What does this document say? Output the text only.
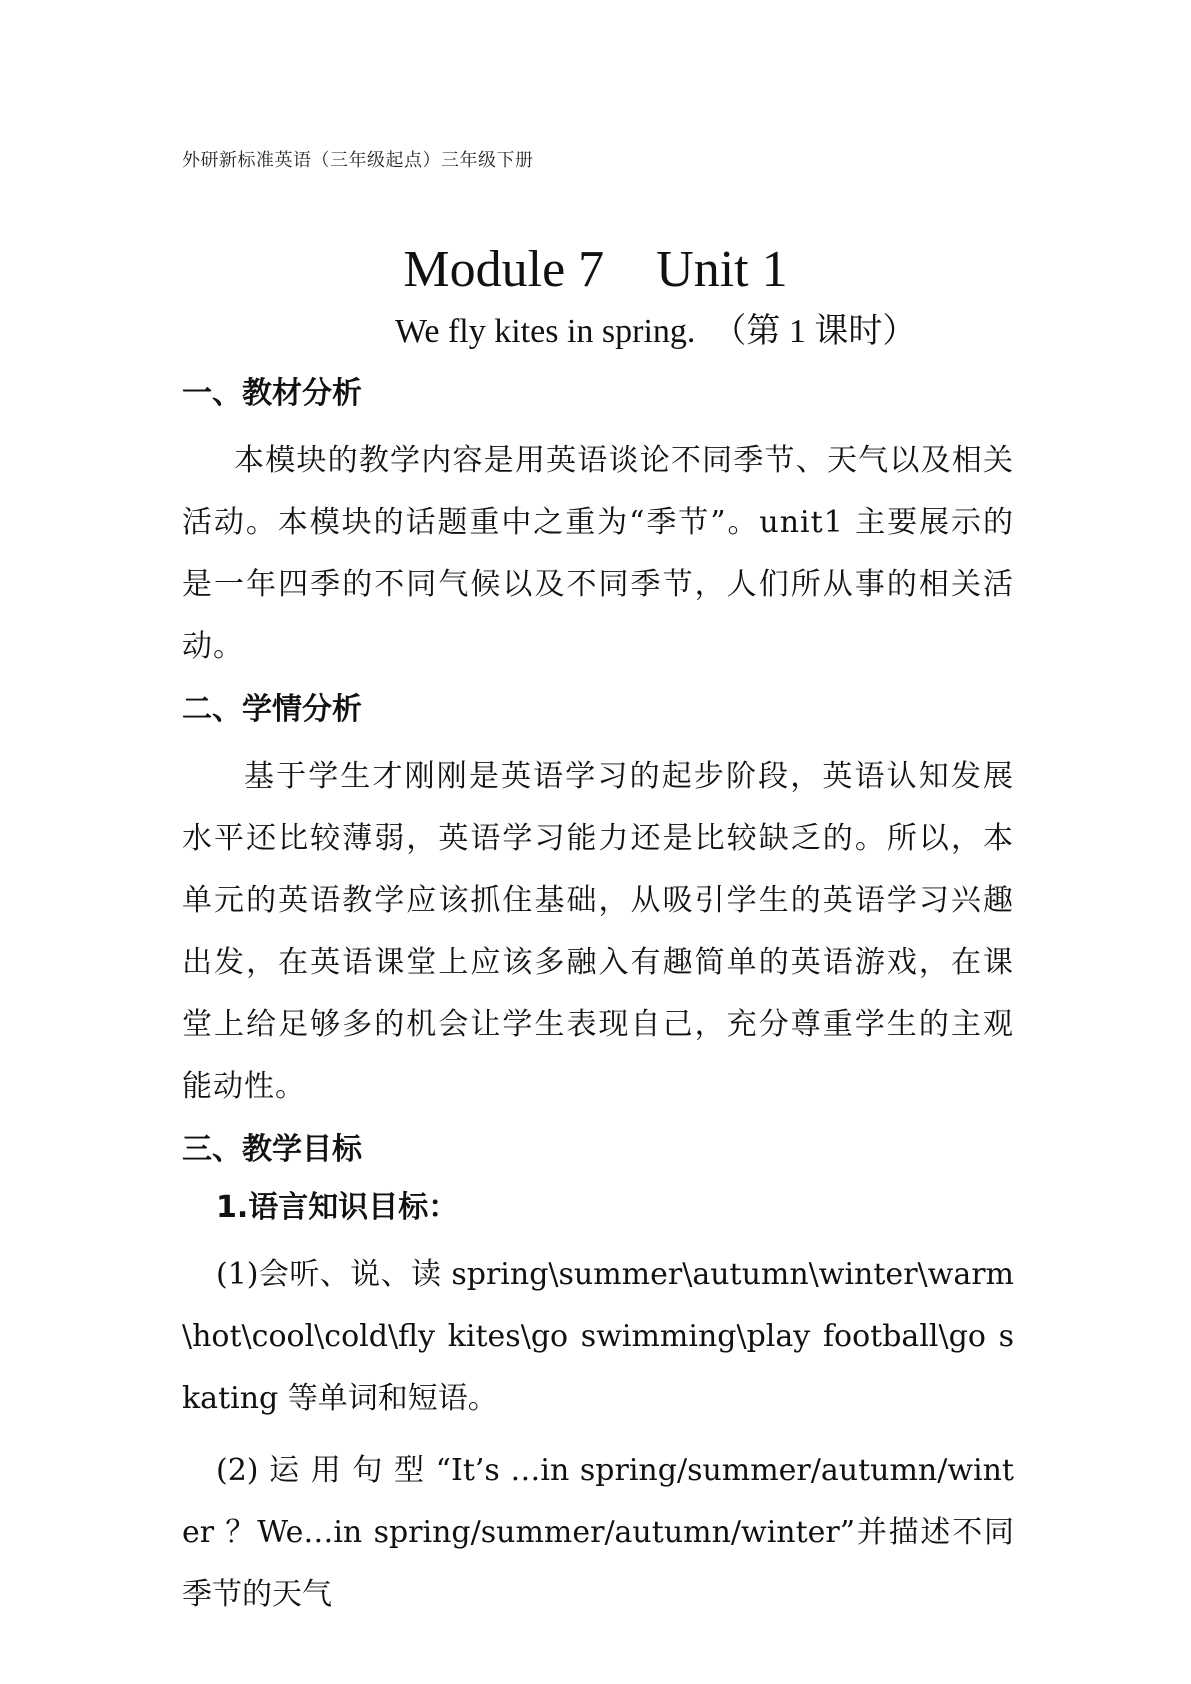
外研新标准英语（三年级起点）三年级下册
Module 7 Unit 1
We fly kites in spring.  （第 1 课时）
一、教材分析

本模块的教学内容是用英语谈论不同季节、天气以及相关活动。本模块的话题重中之重为“季节”。unit1 主要展示的是一年四季的不同气候以及不同季节，人们所从事的相关活动。

二、学情分析

基于学生才刚刚是英语学习的起步阶段，英语认知发展水平还比较薄弱，英语学习能力还是比较缺乏的。所以，本单元的英语教学应该抓住基础，从吸引学生的英语学习兴趣出发，在英语课堂上应该多融入有趣简单的英语游戏，在课堂上给足够多的机会让学生表现自己，充分尊重学生的主观能动性。

三、教学目标
1.语言知识目标：

(1)会听、说、读 spring\summer\autumn\winter\warm\hot\cool\cold\fly kites\go swimming\play football\go skating 等单词和短语。

(2) 运 用 句 型 “It’s …in spring/summer/autumn/winter ？We…in spring/summer/autumn/winter”并描述不同季节的天气
